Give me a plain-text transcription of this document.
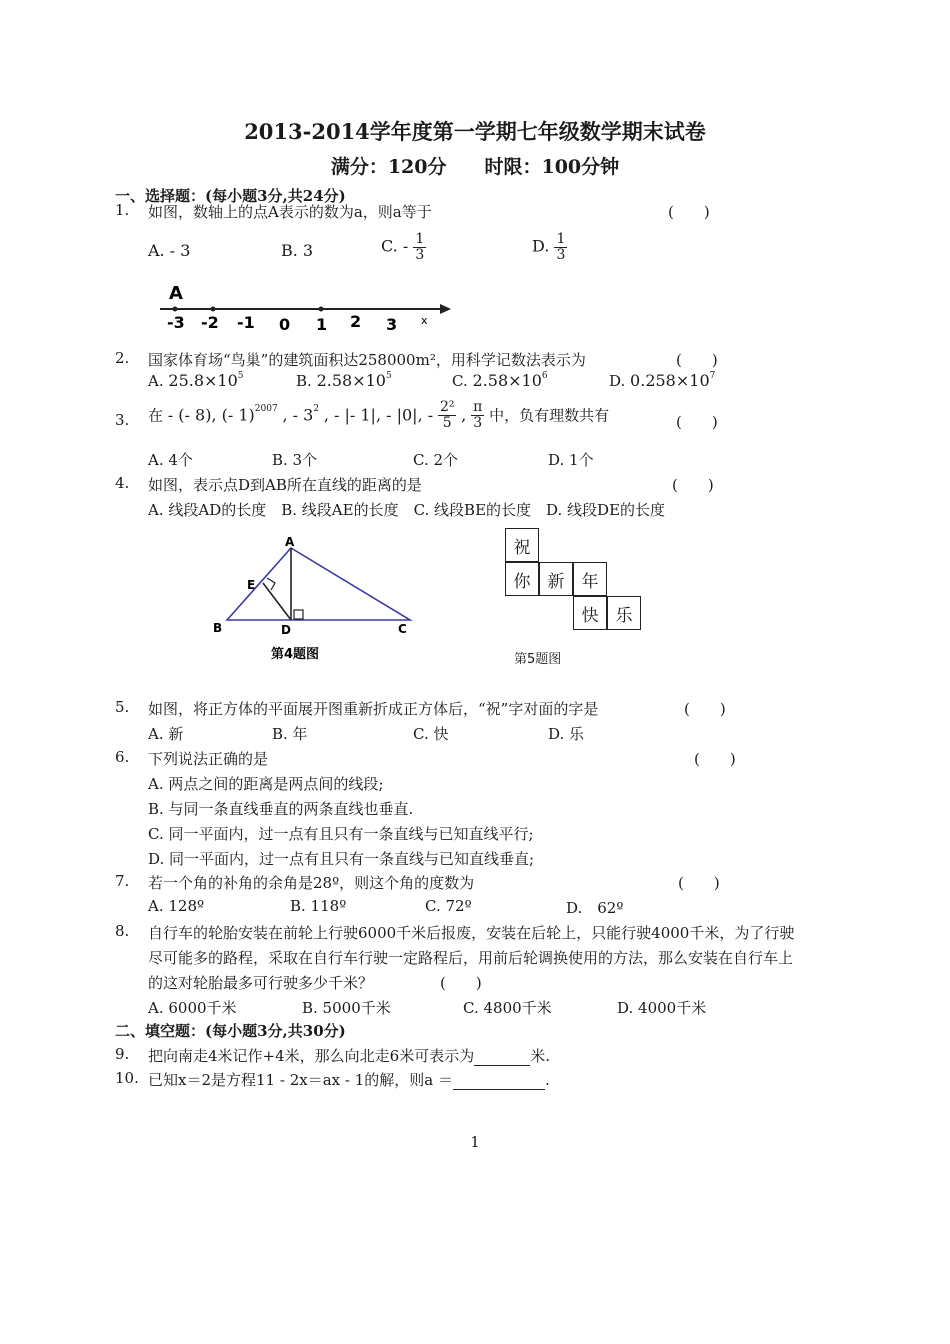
2013-2014学年度第一学期七年级数学期末试卷
满分：120分　　时限：100分钟
一、选择题：(每小题3分,共24分)
1. 如图，数轴上的点A表示的数为a，则a等于	(　　)
A. - 3	B. 3	C. - $\frac{1}{3}$	D. $\frac{1}{3}$
A
-3 -2 -1 0 1 2 3 x
2. 国家体育场“鸟巢”的建筑面积达258000m²，用科学记数法表示为	(　　)
A. $25.8\times 10^5$	B. $2.58\times 10^5$	C. $2.58\times 10^6$	D. $0.258\times 10^7$
3. 在 - (- 8), (- 1)$^{2007}$ , - $3^2$ , - |- 1|, - |0|, - $\frac{\text{2²}}{5}$ , $\frac{\pi}{3}$ 中，负有理数共有	(　　)
A. 4个	B. 3个	C. 2个	D. 1个
4. 如图，表示点D到AB所在直线的距离的是	(　　)
A. 线段AD的长度　B. 线段AE的长度　C. 线段BE的长度　D. 线段DE的长度
A
B	C
D
E
第4题图
祝
你	新	年
快	乐
第5题图
5. 如图，将正方体的平面展开图重新折成正方体后，“祝”字对面的字是	(　　)
A. 新	B. 年	C. 快	D. 乐
6. 下列说法正确的是	(　　)
A. 两点之间的距离是两点间的线段;
B. 与同一条直线垂直的两条直线也垂直.
C. 同一平面内，过一点有且只有一条直线与已知直线平行;
D. 同一平面内，过一点有且只有一条直线与已知直线垂直;
7. 若一个角的补角的余角是28º，则这个角的度数为	(　　)
A. 128º	B. 118º	C. 72º	D.　62º
8. 自行车的轮胎安装在前轮上行驶6000千米后报废，安装在后轮上，只能行驶4000千米，为了行驶
尽可能多的路程，采取在自行车行驶一定路程后，用前后轮调换使用的方法，那么安装在自行车上
的这对轮胎最多可行驶多少千米？	(　　)
A. 6000千米	B. 5000千米	C. 4800千米	D. 4000千米
二、填空题：(每小题3分,共30分)
9. 把向南走4米记作+4米，那么向北走6米可表示为	米.
10. 已知x＝2是方程11 - 2x＝ax - 1的解，则a ＝	.
1
